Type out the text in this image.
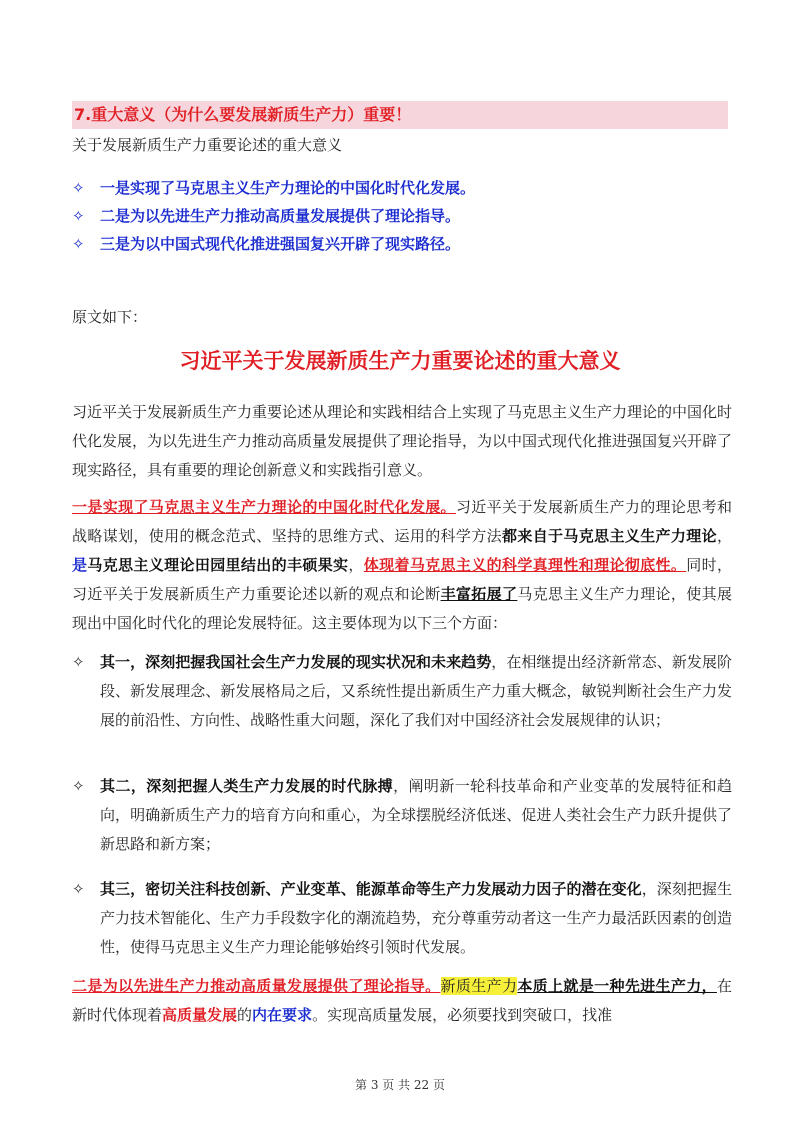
7.重大意义（为什么要发展新质生产力）重要！
关于发展新质生产力重要论述的重大意义
✧ 一是实现了马克思主义生产力理论的中国化时代化发展。
✧ 二是为以先进生产力推动高质量发展提供了理论指导。
✧ 三是为以中国式现代化推进强国复兴开辟了现实路径。
原文如下：
习近平关于发展新质生产力重要论述的重大意义
习近平关于发展新质生产力重要论述从理论和实践相结合上实现了马克思主义生产力理论的中国化时代化发展，为以先进生产力推动高质量发展提供了理论指导，为以中国式现代化推进强国复兴开辟了现实路径，具有重要的理论创新意义和实践指引意义。
一是实现了马克思主义生产力理论的中国化时代化发展。习近平关于发展新质生产力的理论思考和战略谋划，使用的概念范式、坚持的思维方式、运用的科学方法都来自于马克思主义生产力理论，是马克思主义理论田园里结出的丰硕果实，体现着马克思主义的科学真理性和理论彻底性。同时，习近平关于发展新质生产力重要论述以新的观点和论断丰富拓展了马克思主义生产力理论，使其展现出中国化时代化的理论发展特征。这主要体现为以下三个方面：
✧	其一，深刻把握我国社会生产力发展的现实状况和未来趋势，在相继提出经济新常态、新发展阶段、新发展理念、新发展格局之后，又系统性提出新质生产力重大概念，敏锐判断社会生产力发展的前沿性、方向性、战略性重大问题，深化了我们对中国经济社会发展规律的认识；
✧	其二，深刻把握人类生产力发展的时代脉搏，阐明新一轮科技革命和产业变革的发展特征和趋向，明确新质生产力的培育方向和重心，为全球摆脱经济低迷、促进人类社会生产力跃升提供了新思路和新方案；
✧	其三，密切关注科技创新、产业变革、能源革命等生产力发展动力因子的潜在变化，深刻把握生产力技术智能化、生产力手段数字化的潮流趋势，充分尊重劳动者这一生产力最活跃因素的创造性，使得马克思主义生产力理论能够始终引领时代发展。
二是为以先进生产力推动高质量发展提供了理论指导。新质生产力本质上就是一种先进生产力，在新时代体现着高质量发展的内在要求。实现高质量发展，必须要找到突破口，找准
第 3 页 共 22 页
